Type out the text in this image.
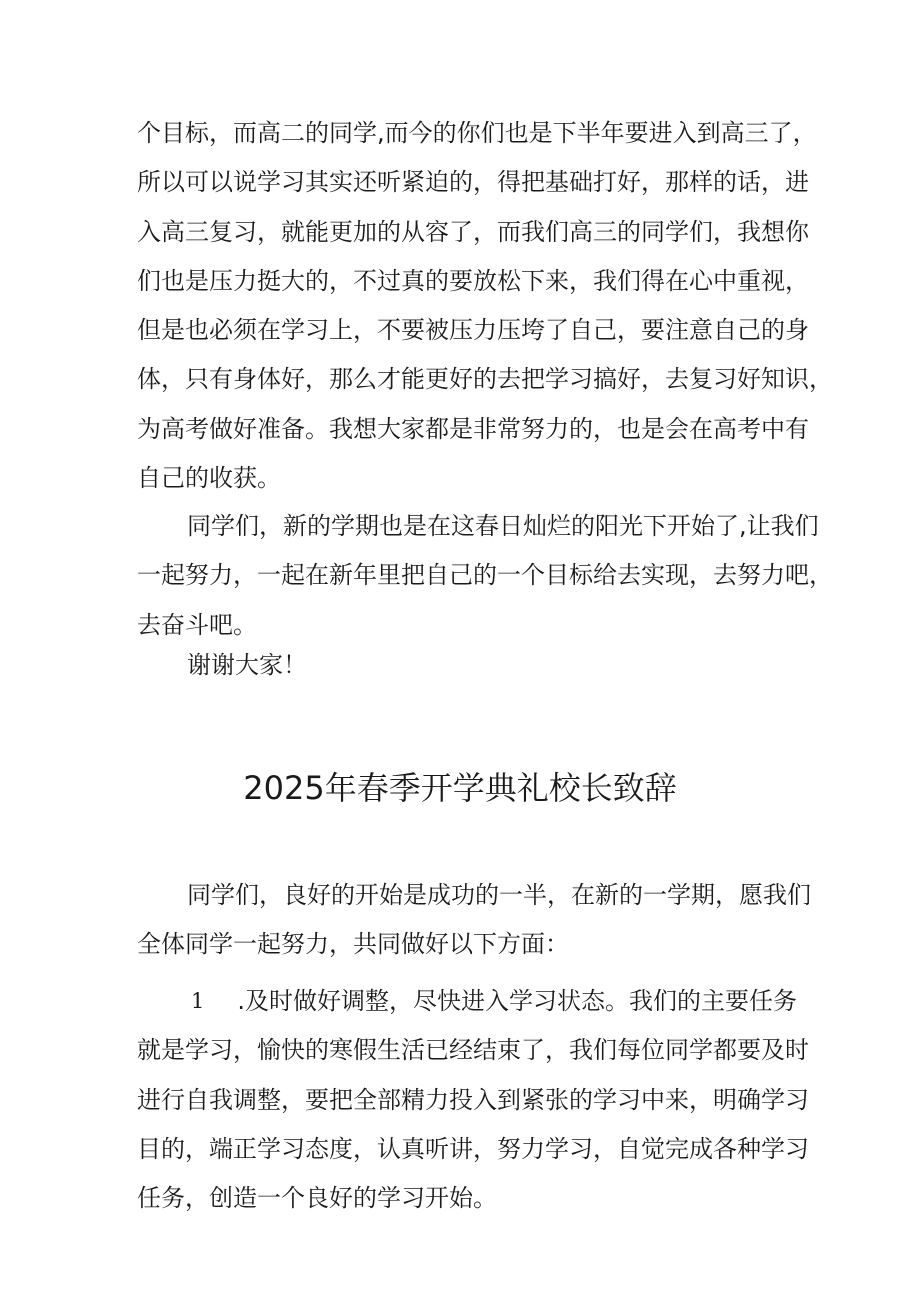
个目标，而高二的同学,而今的你们也是下半年要进入到高三了，
所以可以说学习其实还听紧迫的，得把基础打好，那样的话，进
入高三复习，就能更加的从容了，而我们高三的同学们，我想你
们也是压力挺大的，不过真的要放松下来，我们得在心中重视，
但是也必须在学习上，不要被压力压垮了自己，要注意自己的身
体，只有身体好，那么才能更好的去把学习搞好，去复习好知识，
为高考做好准备。我想大家都是非常努力的，也是会在高考中有
自己的收获。
同学们，新的学期也是在这春日灿烂的阳光下开始了,让我们
一起努力，一起在新年里把自己的一个目标给去实现，去努力吧，
去奋斗吧。
谢谢大家！
2025年春季开学典礼校长致辞
同学们，良好的开始是成功的一半，在新的一学期，愿我们
全体同学一起努力，共同做好以下方面：
1	.及时做好调整，尽快进入学习状态。我们的主要任务
就是学习，愉快的寒假生活已经结束了，我们每位同学都要及时
进行自我调整，要把全部精力投入到紧张的学习中来，明确学习
目的，端正学习态度，认真听讲，努力学习，自觉完成各种学习
任务，创造一个良好的学习开始。
